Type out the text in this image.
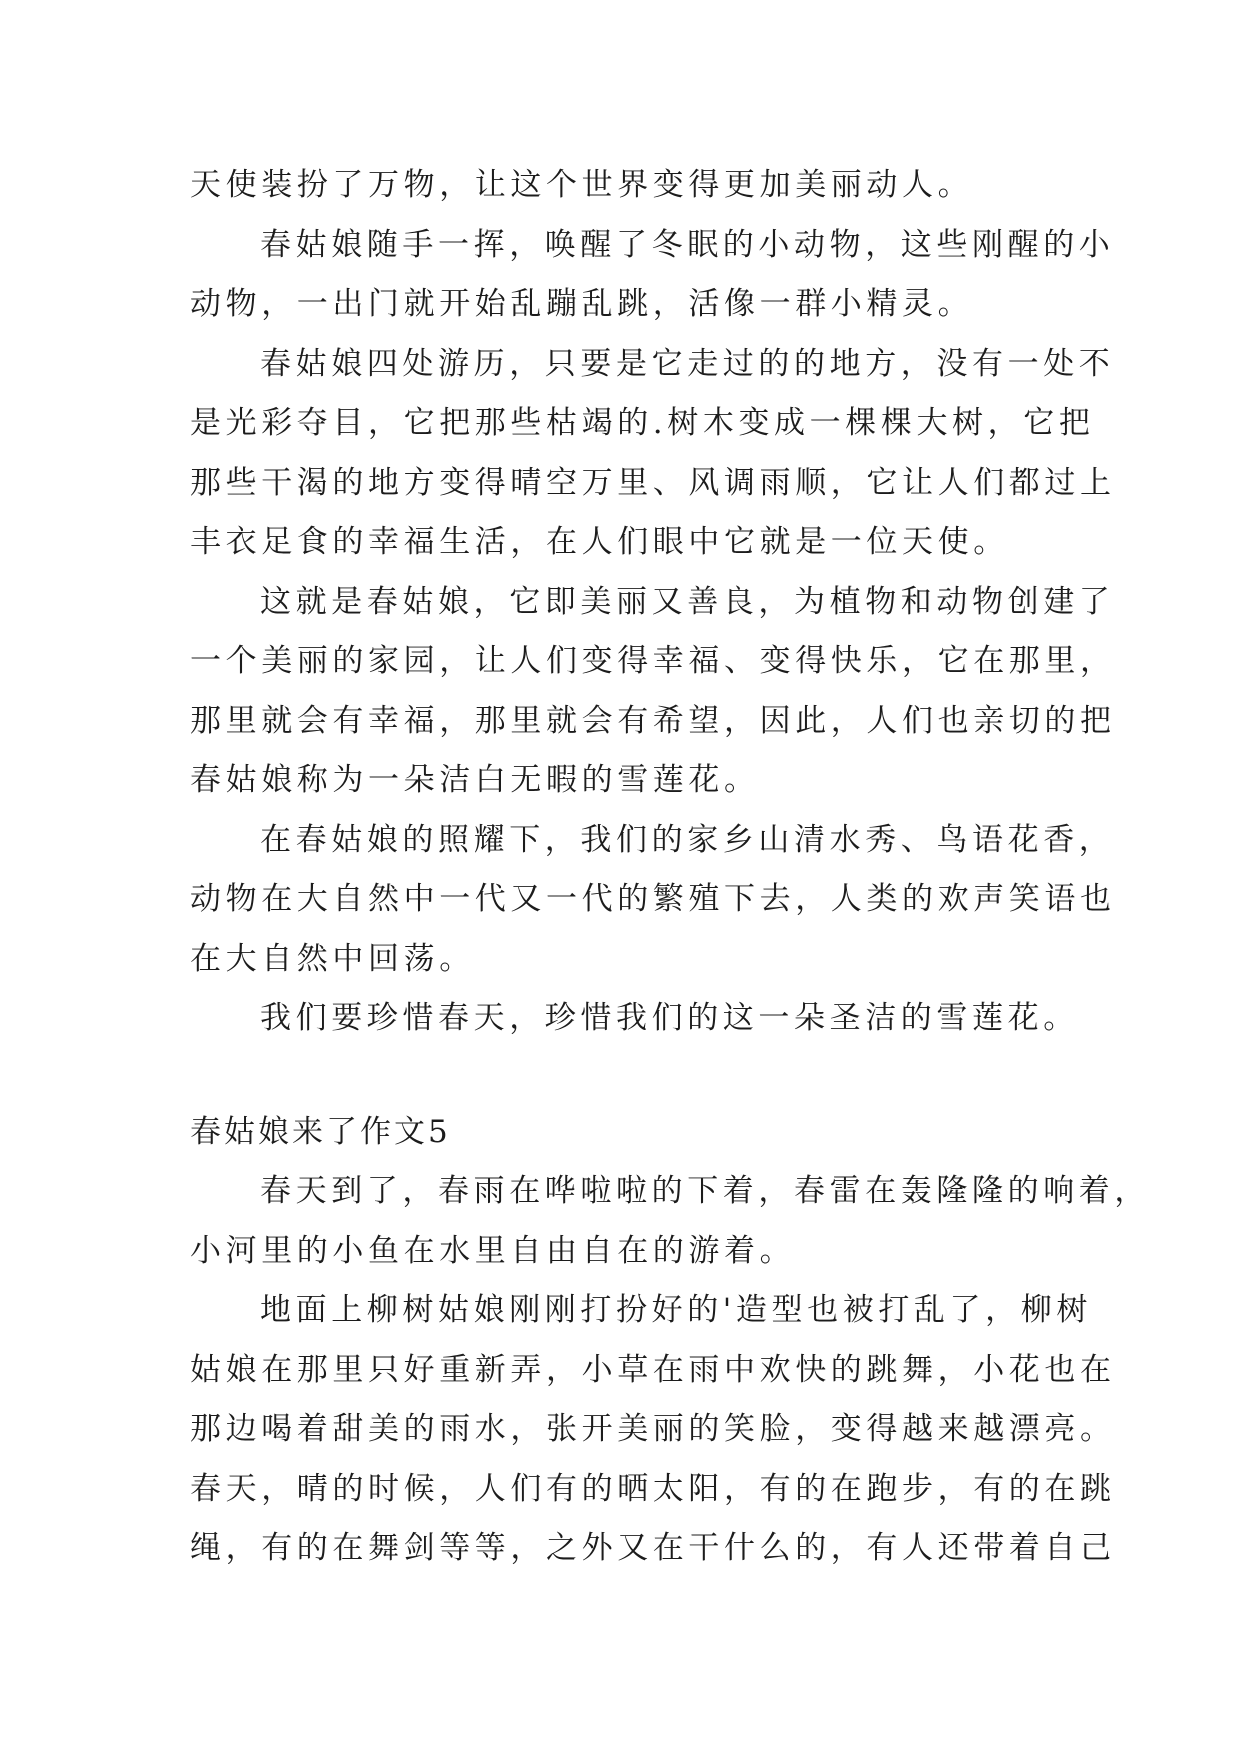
天使装扮了万物，让这个世界变得更加美丽动人。
春姑娘随手一挥，唤醒了冬眠的小动物，这些刚醒的小
动物，一出门就开始乱蹦乱跳，活像一群小精灵。
春姑娘四处游历，只要是它走过的的地方，没有一处不
是光彩夺目，它把那些枯竭的.树木变成一棵棵大树，它把
那些干渴的地方变得晴空万里、风调雨顺，它让人们都过上
丰衣足食的幸福生活，在人们眼中它就是一位天使。
这就是春姑娘，它即美丽又善良，为植物和动物创建了
一个美丽的家园，让人们变得幸福、变得快乐，它在那里，
那里就会有幸福，那里就会有希望，因此，人们也亲切的把
春姑娘称为一朵洁白无暇的雪莲花。
在春姑娘的照耀下，我们的家乡山清水秀、鸟语花香，
动物在大自然中一代又一代的繁殖下去，人类的欢声笑语也
在大自然中回荡。
我们要珍惜春天，珍惜我们的这一朵圣洁的雪莲花。
春姑娘来了作文5
春天到了，春雨在哗啦啦的下着，春雷在轰隆隆的响着，
小河里的小鱼在水里自由自在的游着。
地面上柳树姑娘刚刚打扮好的'造型也被打乱了，柳树
姑娘在那里只好重新弄，小草在雨中欢快的跳舞，小花也在
那边喝着甜美的雨水，张开美丽的笑脸，变得越来越漂亮。
春天，晴的时候，人们有的晒太阳，有的在跑步，有的在跳
绳，有的在舞剑等等，之外又在干什么的，有人还带着自己
